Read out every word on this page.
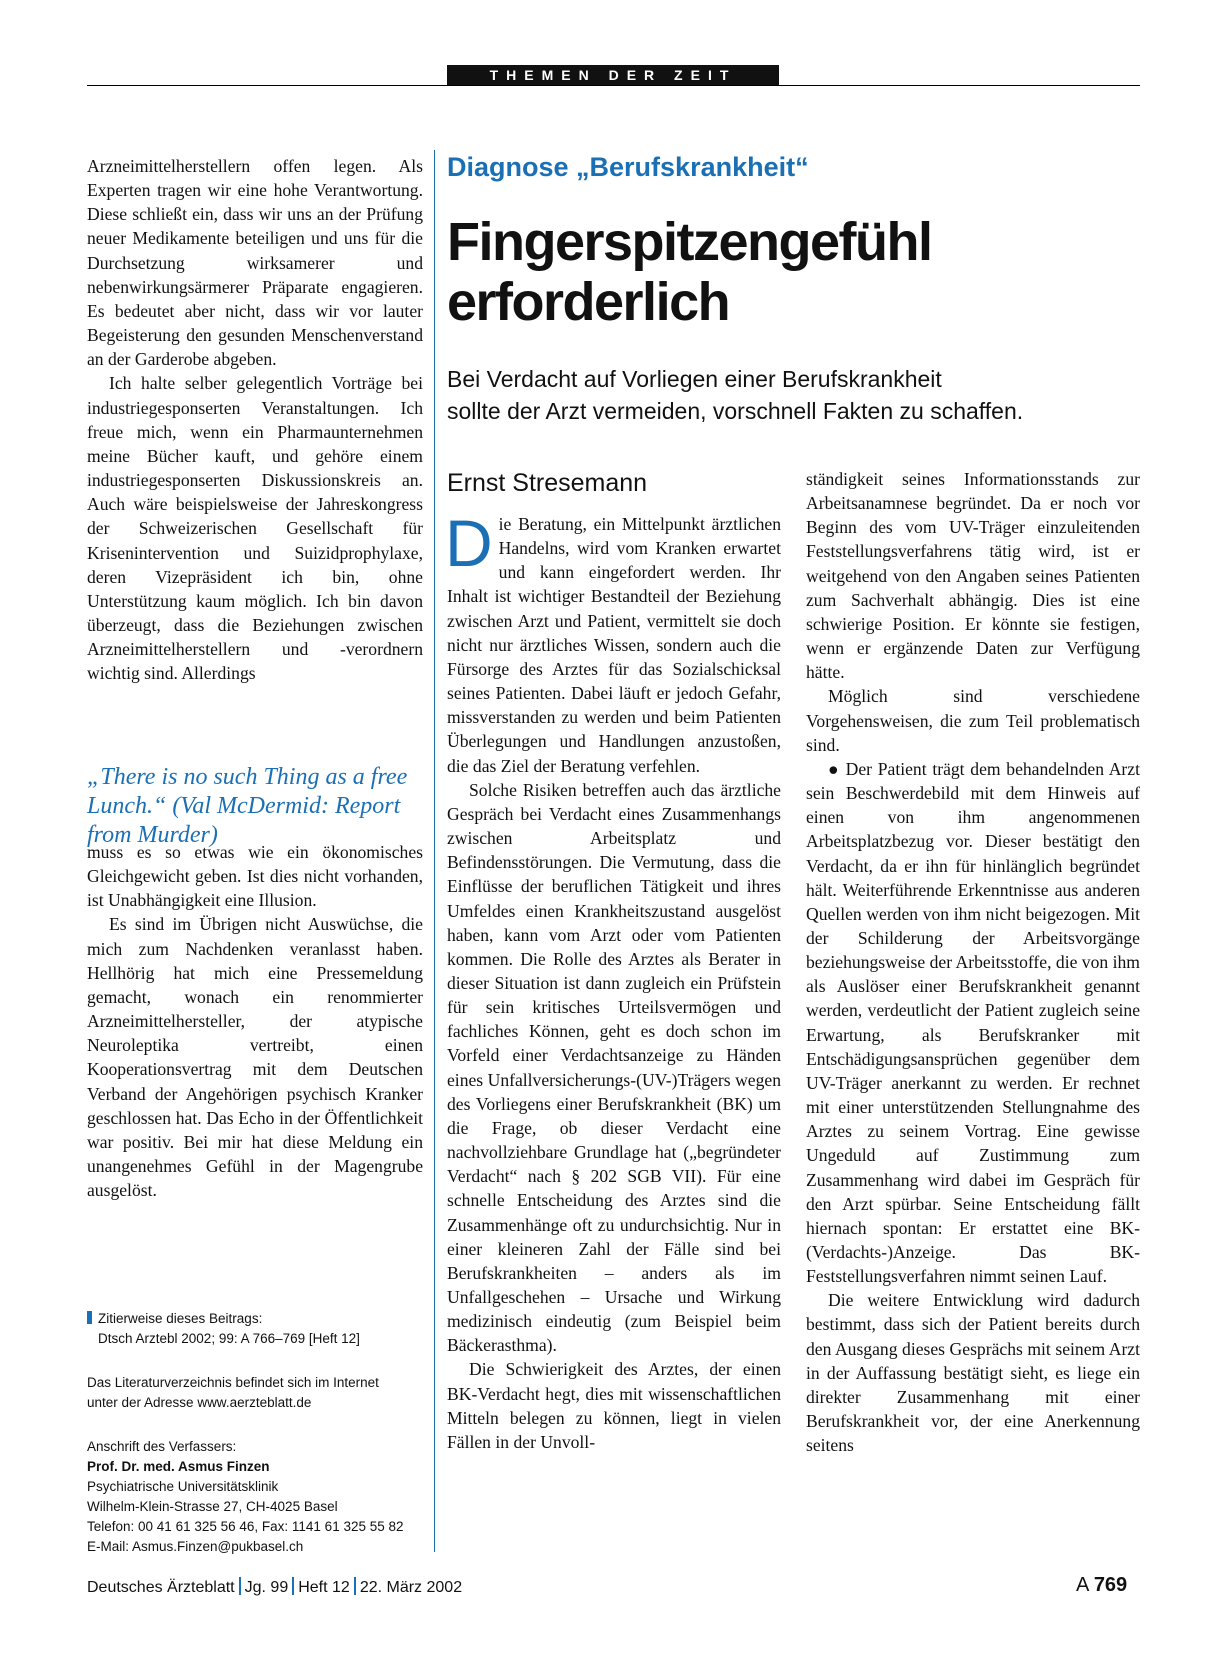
THEMEN DER ZEIT

Arzneimittelherstellern offen legen. Als Experten tragen wir eine hohe Verantwortung. Diese schließt ein, dass wir uns an der Prüfung neuer Medikamente beteiligen und uns für die Durchsetzung wirksamerer und nebenwirkungsärmerer Präparate engagieren. Es bedeutet aber nicht, dass wir vor lauter Begeisterung den gesunden Menschenverstand an der Garderobe abgeben.

Ich halte selber gelegentlich Vorträge bei industriegesponserten Veranstaltungen. Ich freue mich, wenn ein Pharmaunternehmen meine Bücher kauft, und gehöre einem industriegesponserten Diskussionskreis an. Auch wäre beispielsweise der Jahreskongress der Schweizerischen Gesellschaft für Krisenintervention und Suizidprophylaxe, deren Vizepräsident ich bin, ohne Unterstützung kaum möglich. Ich bin davon überzeugt, dass die Beziehungen zwischen Arzneimittelherstellern und -verordnern wichtig sind. Allerdings

„There is no such Thing as a free Lunch.“ (Val McDermid: Report from Murder)

muss es so etwas wie ein ökonomisches Gleichgewicht geben. Ist dies nicht vorhanden, ist Unabhängigkeit eine Illusion.

Es sind im Übrigen nicht Auswüchse, die mich zum Nachdenken veranlasst haben. Hellhörig hat mich eine Pressemeldung gemacht, wonach ein renommierter Arzneimittelhersteller, der atypische Neuroleptika vertreibt, einen Kooperationsvertrag mit dem Deutschen Verband der Angehörigen psychisch Kranker geschlossen hat. Das Echo in der Öffentlichkeit war positiv. Bei mir hat diese Meldung ein unangenehmes Gefühl in der Magengrube ausgelöst.

Zitierweise dieses Beitrags:
Dtsch Arztebl 2002; 99: A 766–769 [Heft 12]
Das Literaturverzeichnis befindet sich im Internet
unter der Adresse www.aerzteblatt.de
Anschrift des Verfassers:
Prof. Dr. med. Asmus Finzen
Psychiatrische Universitätsklinik
Wilhelm-Klein-Strasse 27, CH-4025 Basel
Telefon: 00 41 61 325 56 46, Fax: 1141 61 325 55 82
E-Mail: Asmus.Finzen@pukbasel.ch
Diagnose „Berufskrankheit“
Fingerspitzengefühl
erforderlich
Bei Verdacht auf Vorliegen einer Berufskrankheit
sollte der Arzt vermeiden, vorschnell Fakten zu schaffen.
Ernst Stresemann

Die Beratung, ein Mittelpunkt ärztlichen Handelns, wird vom Kranken erwartet und kann eingefordert werden. Ihr Inhalt ist wichtiger Bestandteil der Beziehung zwischen Arzt und Patient, vermittelt sie doch nicht nur ärztliches Wissen, sondern auch die Fürsorge des Arztes für das Sozialschicksal seines Patienten. Dabei läuft er jedoch Gefahr, missverstanden zu werden und beim Patienten Überlegungen und Handlungen anzustoßen, die das Ziel der Beratung verfehlen.

Solche Risiken betreffen auch das ärztliche Gespräch bei Verdacht eines Zusammenhangs zwischen Arbeitsplatz und Befindensstörungen. Die Vermutung, dass die Einflüsse der beruflichen Tätigkeit und ihres Umfeldes einen Krankheitszustand ausgelöst haben, kann vom Arzt oder vom Patienten kommen. Die Rolle des Arztes als Berater in dieser Situation ist dann zugleich ein Prüfstein für sein kritisches Urteilsvermögen und fachliches Können, geht es doch schon im Vorfeld einer Verdachtsanzeige zu Händen eines Unfallversicherungs-(UV-)Trägers wegen des Vorliegens einer Berufskrankheit (BK) um die Frage, ob dieser Verdacht eine nachvollziehbare Grundlage hat („begründeter Verdacht“ nach § 202 SGB VII). Für eine schnelle Entscheidung des Arztes sind die Zusammenhänge oft zu undurchsichtig. Nur in einer kleineren Zahl der Fälle sind bei Berufskrankheiten – anders als im Unfallgeschehen – Ursache und Wirkung medizinisch eindeutig (zum Beispiel beim Bäckerasthma).

Die Schwierigkeit des Arztes, der einen BK-Verdacht hegt, dies mit wissenschaftlichen Mitteln belegen zu können, liegt in vielen Fällen in der Unvoll-

ständigkeit seines Informationsstands zur Arbeitsanamnese begründet. Da er noch vor Beginn des vom UV-Träger einzuleitenden Feststellungsverfahrens tätig wird, ist er weitgehend von den Angaben seines Patienten zum Sachverhalt abhängig. Dies ist eine schwierige Position. Er könnte sie festigen, wenn er ergänzende Daten zur Verfügung hätte.

Möglich sind verschiedene Vorgehensweisen, die zum Teil problematisch sind.

● Der Patient trägt dem behandelnden Arzt sein Beschwerdebild mit dem Hinweis auf einen von ihm angenommenen Arbeitsplatzbezug vor. Dieser bestätigt den Verdacht, da er ihn für hinlänglich begründet hält. Weiterführende Erkenntnisse aus anderen Quellen werden von ihm nicht beigezogen. Mit der Schilderung der Arbeitsvorgänge beziehungsweise der Arbeitsstoffe, die von ihm als Auslöser einer Berufskrankheit genannt werden, verdeutlicht der Patient zugleich seine Erwartung, als Berufskranker mit Entschädigungsansprüchen gegenüber dem UV-Träger anerkannt zu werden. Er rechnet mit einer unterstützenden Stellungnahme des Arztes zu seinem Vortrag. Eine gewisse Ungeduld auf Zustimmung zum Zusammenhang wird dabei im Gespräch für den Arzt spürbar. Seine Entscheidung fällt hiernach spontan: Er erstattet eine BK-(Verdachts-)Anzeige. Das BK-Feststellungsverfahren nimmt seinen Lauf.

Die weitere Entwicklung wird dadurch bestimmt, dass sich der Patient bereits durch den Ausgang dieses Gesprächs mit seinem Arzt in der Auffassung bestätigt sieht, es liege ein direkter Zusammenhang mit einer Berufskrankheit vor, der eine Anerkennung seitens

Deutsches Ärzteblatt Jg. 99 Heft 12 22. März 2002	A 769
